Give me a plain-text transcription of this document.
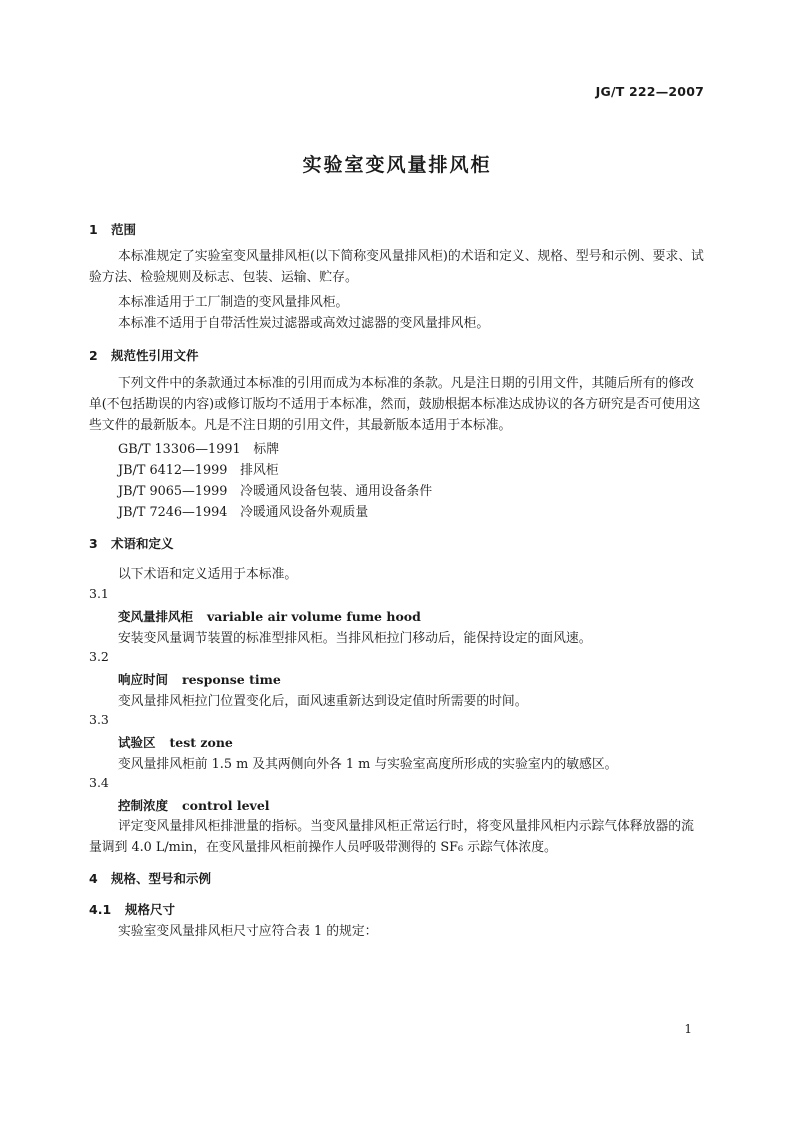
JG/T 222—2007
实验室变风量排风柜
1 范围
本标准规定了实验室变风量排风柜(以下简称变风量排风柜)的术语和定义、规格、型号和示例、要求、试验方法、检验规则及标志、包装、运输、贮存。
本标准适用于工厂制造的变风量排风柜。
本标准不适用于自带活性炭过滤器或高效过滤器的变风量排风柜。
2 规范性引用文件
下列文件中的条款通过本标准的引用而成为本标准的条款。凡是注日期的引用文件，其随后所有的修改单(不包括勘误的内容)或修订版均不适用于本标准，然而，鼓励根据本标准达成协议的各方研究是否可使用这些文件的最新版本。凡是不注日期的引用文件，其最新版本适用于本标准。
GB/T 13306—1991　标牌
JB/T 6412—1999　排风柜
JB/T 9065—1999　冷暖通风设备包装、通用设备条件
JB/T 7246—1994　冷暖通风设备外观质量
3 术语和定义
以下术语和定义适用于本标准。
3.1
变风量排风柜 variable air volume fume hood
安装变风量调节装置的标准型排风柜。当排风柜拉门移动后，能保持设定的面风速。
3.2
响应时间 response time
变风量排风柜拉门位置变化后，面风速重新达到设定值时所需要的时间。
3.3
试验区 test zone
变风量排风柜前 1.5 m 及其两侧向外各 1 m 与实验室高度所形成的实验室内的敏感区。
3.4
控制浓度 control level
评定变风量排风柜排泄量的指标。当变风量排风柜正常运行时，将变风量排风柜内示踪气体释放器的流量调到 4.0 L/min，在变风量排风柜前操作人员呼吸带测得的 SF₆ 示踪气体浓度。
4 规格、型号和示例
4.1 规格尺寸
实验室变风量排风柜尺寸应符合表 1 的规定：
1
